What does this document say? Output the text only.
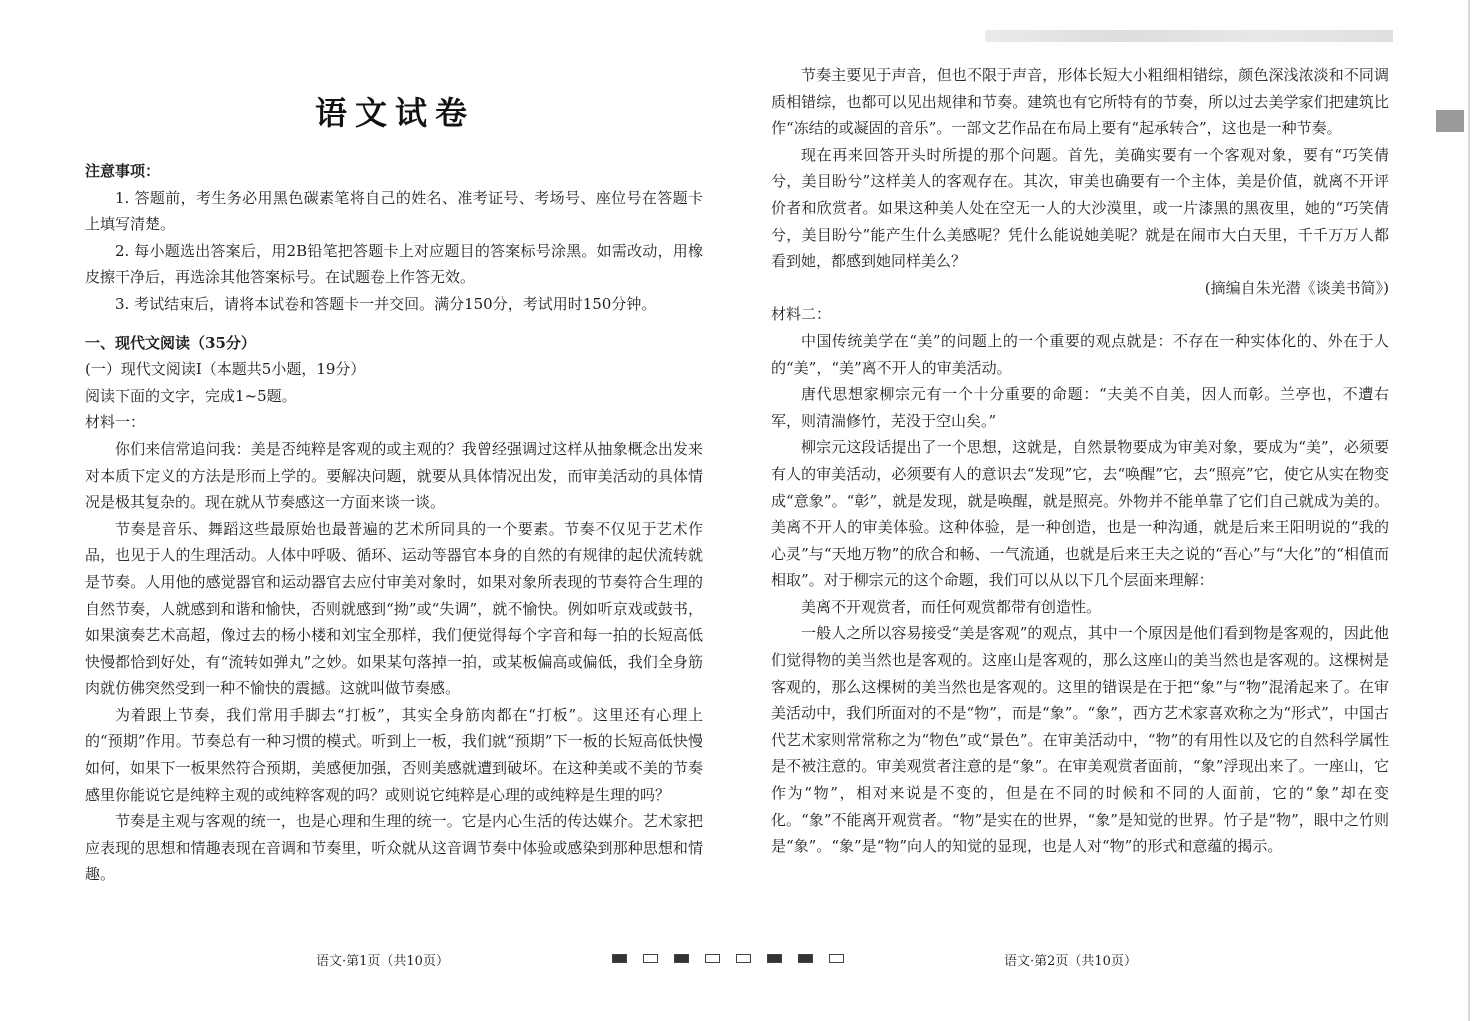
语文试卷

注意事项：

1. 答题前，考生务必用黑色碳素笔将自己的姓名、准考证号、考场号、座位号在答题卡上填写清楚。

2. 每小题选出答案后，用2B铅笔把答题卡上对应题目的答案标号涂黑。如需改动，用橡皮擦干净后，再选涂其他答案标号。在试题卷上作答无效。

3. 考试结束后，请将本试卷和答题卡一并交回。满分150分，考试用时150分钟。

一、现代文阅读（35分）

(一）现代文阅读Ⅰ（本题共5小题，19分）

阅读下面的文字，完成1~5题。

材料一：

你们来信常追问我：美是否纯粹是客观的或主观的？我曾经强调过这样从抽象概念出发来对本质下定义的方法是形而上学的。要解决问题，就要从具体情况出发，而审美活动的具体情况是极其复杂的。现在就从节奏感这一方面来谈一谈。

节奏是音乐、舞蹈这些最原始也最普遍的艺术所同具的一个要素。节奏不仅见于艺术作品，也见于人的生理活动。人体中呼吸、循环、运动等器官本身的自然的有规律的起伏流转就是节奏。人用他的感觉器官和运动器官去应付审美对象时，如果对象所表现的节奏符合生理的自然节奏，人就感到和谐和愉快，否则就感到“拗”或“失调”，就不愉快。例如听京戏或鼓书，如果演奏艺术高超，像过去的杨小楼和刘宝全那样，我们便觉得每个字音和每一拍的长短高低快慢都恰到好处，有“流转如弹丸”之妙。如果某句落掉一拍，或某板偏高或偏低，我们全身筋肉就仿佛突然受到一种不愉快的震撼。这就叫做节奏感。

为着跟上节奏，我们常用手脚去“打板”，其实全身筋肉都在“打板”。这里还有心理上的“预期”作用。节奏总有一种习惯的模式。听到上一板，我们就“预期”下一板的长短高低快慢如何，如果下一板果然符合预期，美感便加强，否则美感就遭到破坏。在这种美或不美的节奏感里你能说它是纯粹主观的或纯粹客观的吗？或则说它纯粹是心理的或纯粹是生理的吗？

节奏是主观与客观的统一，也是心理和生理的统一。它是内心生活的传达媒介。艺术家把应表现的思想和情趣表现在音调和节奏里，听众就从这音调节奏中体验或感染到那种思想和情趣。

节奏主要见于声音，但也不限于声音，形体长短大小粗细相错综，颜色深浅浓淡和不同调质相错综，也都可以见出规律和节奏。建筑也有它所特有的节奏，所以过去美学家们把建筑比作“冻结的或凝固的音乐”。一部文艺作品在布局上要有“起承转合”，这也是一种节奏。

现在再来回答开头时所提的那个问题。首先，美确实要有一个客观对象，要有“巧笑倩兮，美目盼兮”这样美人的客观存在。其次，审美也确要有一个主体，美是价值，就离不开评价者和欣赏者。如果这种美人处在空无一人的大沙漠里，或一片漆黑的黑夜里，她的“巧笑倩兮，美目盼兮”能产生什么美感呢？凭什么能说她美呢？就是在闹市大白天里，千千万万人都看到她，都感到她同样美么？

(摘编自朱光潜《谈美书简》)

材料二：

中国传统美学在“美”的问题上的一个重要的观点就是：不存在一种实体化的、外在于人的“美”，“美”离不开人的审美活动。

唐代思想家柳宗元有一个十分重要的命题：“夫美不自美，因人而彰。兰亭也，不遭右军，则清湍修竹，芜没于空山矣。”

柳宗元这段话提出了一个思想，这就是，自然景物要成为审美对象，要成为“美”，必须要有人的审美活动，必须要有人的意识去“发现”它，去“唤醒”它，去“照亮”它，使它从实在物变成“意象”。“彰”，就是发现，就是唤醒，就是照亮。外物并不能单靠了它们自己就成为美的。美离不开人的审美体验。这种体验，是一种创造，也是一种沟通，就是后来王阳明说的“我的心灵”与“天地万物”的欣合和畅、一气流通，也就是后来王夫之说的“吾心”与“大化”的“相值而相取”。对于柳宗元的这个命题，我们可以从以下几个层面来理解：

美离不开观赏者，而任何观赏都带有创造性。

一般人之所以容易接受“美是客观”的观点，其中一个原因是他们看到物是客观的，因此他们觉得物的美当然也是客观的。这座山是客观的，那么这座山的美当然也是客观的。这棵树是客观的，那么这棵树的美当然也是客观的。这里的错误是在于把“象”与“物”混淆起来了。在审美活动中，我们所面对的不是“物”，而是“象”。“象”，西方艺术家喜欢称之为“形式”，中国古代艺术家则常常称之为“物色”或“景色”。在审美活动中，“物”的有用性以及它的自然科学属性是不被注意的。审美观赏者注意的是“象”。在审美观赏者面前，“象”浮现出来了。一座山，它作为“物”，相对来说是不变的，但是在不同的时候和不同的人面前，它的“象”却在变化。“象”不能离开观赏者。“物”是实在的世界，“象”是知觉的世界。竹子是“物”，眼中之竹则是“象”。“象”是“物”向人的知觉的显现，也是人对“物”的形式和意蕴的揭示。

语文·第1页（共10页）	语文·第2页（共10页）
